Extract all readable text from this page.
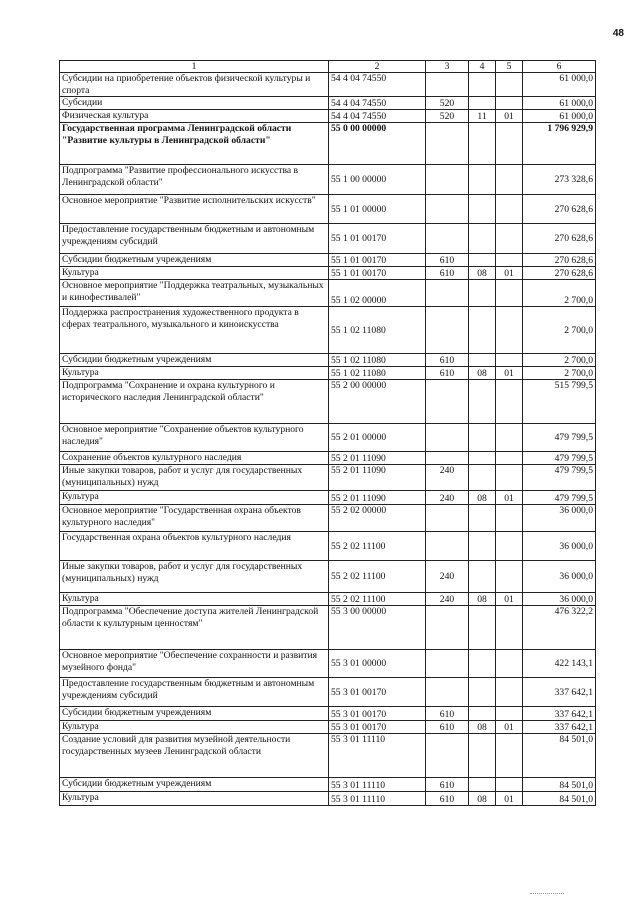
48
1	2	3	4	5	6
Субсидии на приобретение объектов физической культуры и спорта	54 4 04 74550				61 000,0
Субсидии	54 4 04 74550	520			61 000,0
Физическая культура	54 4 04 74550	520	11	01	61 000,0
Государственная программа Ленинградской области "Развитие культуры в Ленинградской области"	55 0 00 00000				1 796 929,9
Подпрограмма "Развитие профессионального искусства в Ленинградской области"	55 1 00 00000				273 328,6
Основное мероприятие "Развитие исполнительских искусств"	55 1 01 00000				270 628,6
Предоставление государственным бюджетным и автономным учреждениям субсидий	55 1 01 00170				270 628,6
Субсидии бюджетным учреждениям	55 1 01 00170	610			270 628,6
Культура	55 1 01 00170	610	08	01	270 628,6
Основное мероприятие "Поддержка театральных, музыкальных и кинофестивалей"	55 1 02 00000				2 700,0
Поддержка распространения художественного продукта в сферах театрального, музыкального и киноискусства	55 1 02 11080				2 700,0
Субсидии бюджетным учреждениям	55 1 02 11080	610			2 700,0
Культура	55 1 02 11080	610	08	01	2 700,0
Подпрограмма "Сохранение и охрана культурного и исторического наследия Ленинградской области"	55 2 00 00000				515 799,5
Основное мероприятие "Сохранение объектов культурного наследия"	55 2 01 00000				479 799,5
Сохранение объектов культурного наследия	55 2 01 11090				479 799,5
Иные закупки товаров, работ и услуг для государственных (муниципальных) нужд	55 2 01 11090	240			479 799,5
Культура	55 2 01 11090	240	08	01	479 799,5
Основное мероприятие "Государственная охрана объектов культурного наследия"	55 2 02 00000				36 000,0
Государственная охрана объектов культурного наследия	55 2 02 11100				36 000,0
Иные закупки товаров, работ и услуг для государственных (муниципальных) нужд	55 2 02 11100	240			36 000,0
Культура	55 2 02 11100	240	08	01	36 000,0
Подпрограмма "Обеспечение доступа жителей Ленинградской области к культурным ценностям"	55 3 00 00000				476 322,2
Основное мероприятие "Обеспечение сохранности и развития музейного фонда"	55 3 01 00000				422 143,1
Предоставление государственным бюджетным и автономным учреждениям субсидий	55 3 01 00170				337 642,1
Субсидии бюджетным учреждениям	55 3 01 00170	610			337 642,1
Культура	55 3 01 00170	610	08	01	337 642,1
Создание условий для развития музейной деятельности государственных музеев Ленинградской области	55 3 01 11110				84 501,0
Субсидии бюджетным учреждениям	55 3 01 11110	610			84 501,0
Культура	55 3 01 11110	610	08	01	84 501,0
